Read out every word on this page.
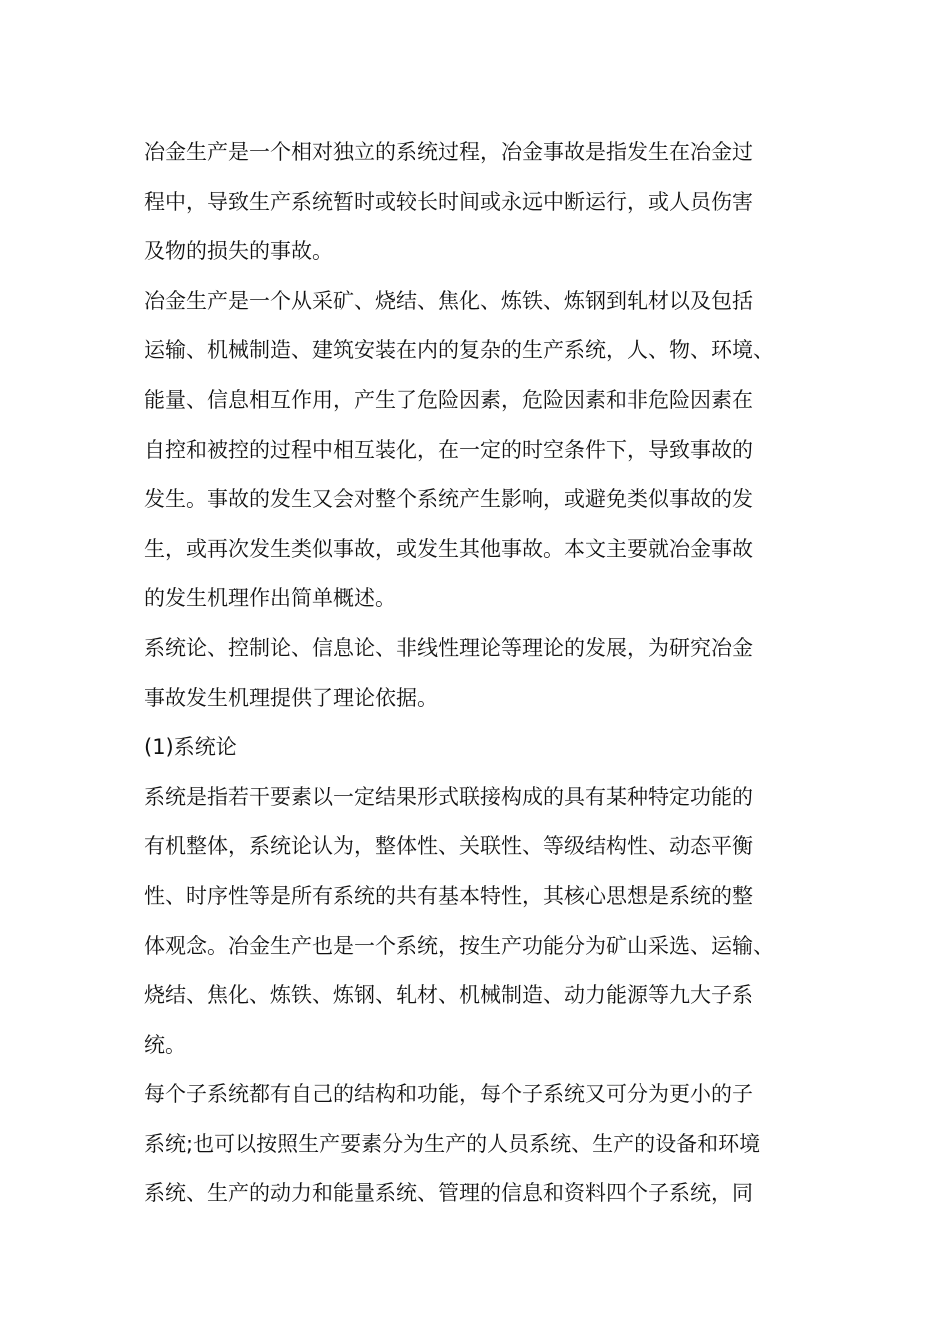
冶金生产是一个相对独立的系统过程，冶金事故是指发生在冶金过
程中，导致生产系统暂时或较长时间或永远中断运行，或人员伤害
及物的损失的事故。
冶金生产是一个从采矿、烧结、焦化、炼铁、炼钢到轧材以及包括
运输、机械制造、建筑安装在内的复杂的生产系统，人、物、环境、
能量、信息相互作用，产生了危险因素，危险因素和非危险因素在
自控和被控的过程中相互装化，在一定的时空条件下，导致事故的
发生。事故的发生又会对整个系统产生影响，或避免类似事故的发
生，或再次发生类似事故，或发生其他事故。本文主要就冶金事故
的发生机理作出简单概述。
系统论、控制论、信息论、非线性理论等理论的发展，为研究冶金
事故发生机理提供了理论依据。
(1)系统论
系统是指若干要素以一定结果形式联接构成的具有某种特定功能的
有机整体，系统论认为，整体性、关联性、等级结构性、动态平衡
性、时序性等是所有系统的共有基本特性，其核心思想是系统的整
体观念。冶金生产也是一个系统，按生产功能分为矿山采选、运输、
烧结、焦化、炼铁、炼钢、轧材、机械制造、动力能源等九大子系
统。
每个子系统都有自己的结构和功能，每个子系统又可分为更小的子
系统;也可以按照生产要素分为生产的人员系统、生产的设备和环境
系统、生产的动力和能量系统、管理的信息和资料四个子系统，同
